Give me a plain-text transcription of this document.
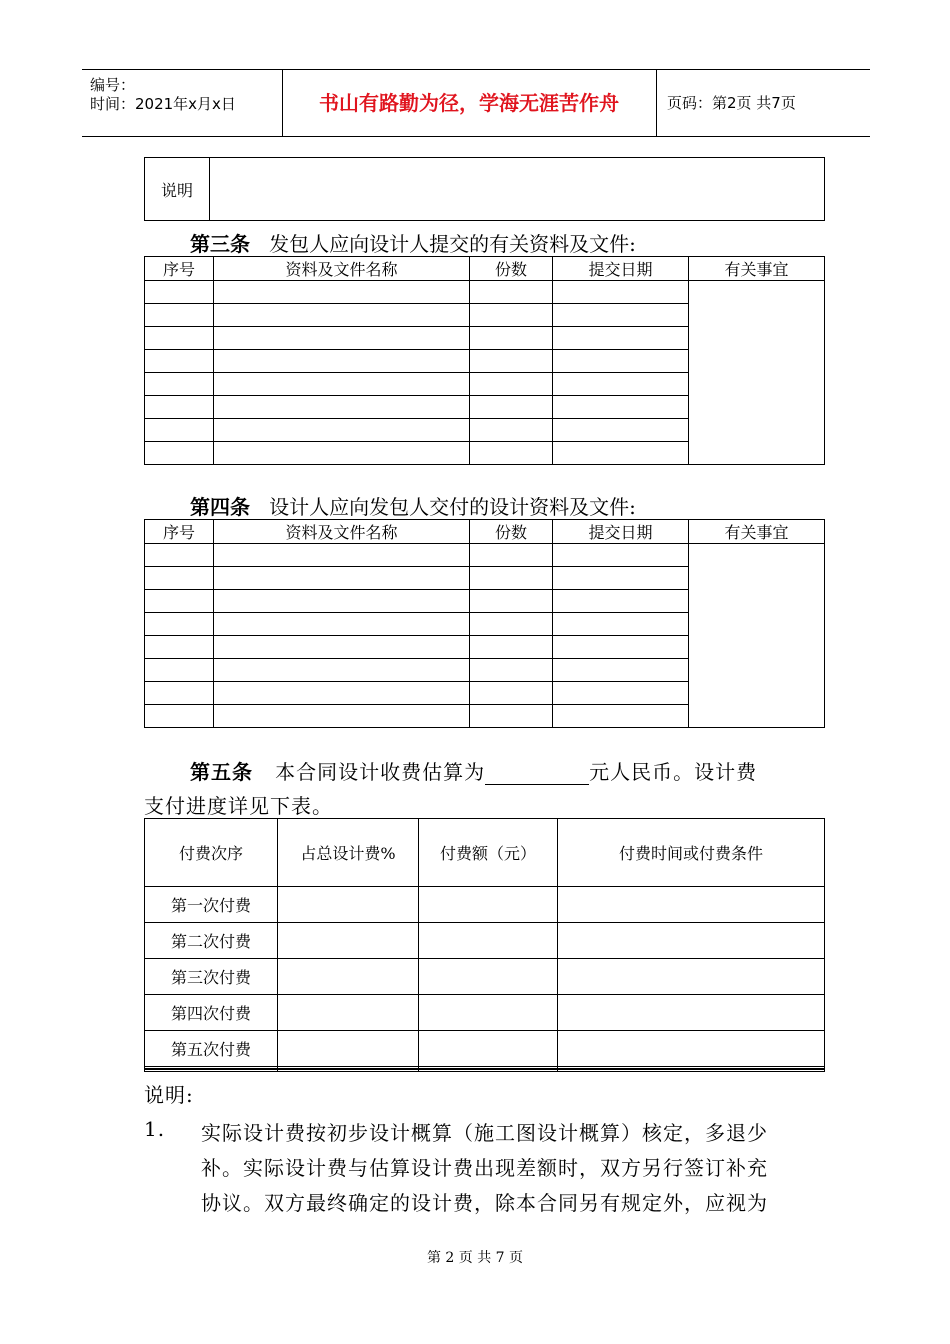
编号：
时间：2021年x月x日	书山有路勤为径，学海无涯苦作舟	页码：第2页 共7页
说明	
第三条 发包人应向设计人提交的有关资料及文件:
序号	资料及文件名称	份数	提交日期	有关事宜

第四条 设计人应向发包人交付的设计资料及文件:
序号	资料及文件名称	份数	提交日期	有关事宜

第五条 本合同设计收费估算为	元人民币。设计费
支付进度详见下表。
付费次序	占总设计费%	付费额（元）	付费时间或付费条件
第一次付费			
第二次付费			
第三次付费			
第四次付费			
第五次付费			

说明:
1. 实际设计费按初步设计概算（施工图设计概算）核定，多退少
补。实际设计费与估算设计费出现差额时，双方另行签订补充
协议。双方最终确定的设计费，除本合同另有规定外，应视为
第 2 页 共 7 页
